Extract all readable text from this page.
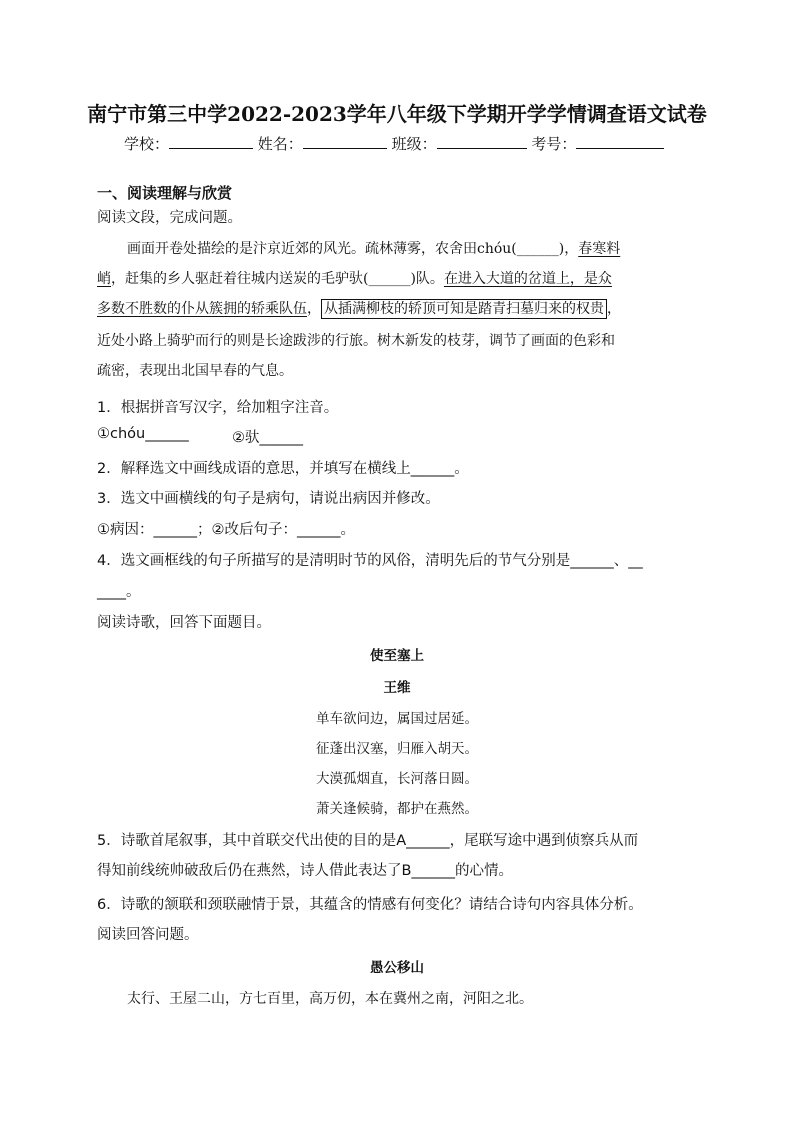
南宁市第三中学2022-2023学年八年级下学期开学学情调查语文试卷
学校：	姓名：	班级：	考号：
一、阅读理解与欣赏
阅读文段，完成问题。
画面开卷处描绘的是汴京近郊的风光。疏林薄雾，农舍田chóu(______)，春寒料
峭，赶集的乡人驱赶着往城内送炭的毛驴驮(______)队。在进入大道的岔道上，是众
多数不胜数的仆从簇拥的轿乘队伍， 从插满柳枝的轿顶可知是踏青扫墓归来的权贵 ，
近处小路上骑驴而行的则是长途跋涉的行旅。树木新发的枝芽，调节了画面的色彩和
疏密，表现出北国早春的气息。
1．根据拼音写汉字，给加粗字注音。
①chóu______	②驮______
2．解释选文中画线成语的意思，并填写在横线上______。
3．选文中画横线的句子是病句，请说出病因并修改。
①病因：______；②改后句子：______。
4．选文画框线的句子所描写的是清明时节的风俗，清明先后的节气分别是______、__
____。
阅读诗歌，回答下面题目。
使至塞上
王维
单车欲问边，属国过居延。
征蓬出汉塞，归雁入胡天。
大漠孤烟直，长河落日圆。
萧关逢候骑，都护在燕然。
5．诗歌首尾叙事，其中首联交代出使的目的是A______，尾联写途中遇到侦察兵从而
得知前线统帅破敌后仍在燕然，诗人借此表达了B______的心情。
6．诗歌的颔联和颈联融情于景，其蕴含的情感有何变化？请结合诗句内容具体分析。
阅读回答问题。
愚公移山
太行、王屋二山，方七百里，高万仞，本在冀州之南，河阳之北。
